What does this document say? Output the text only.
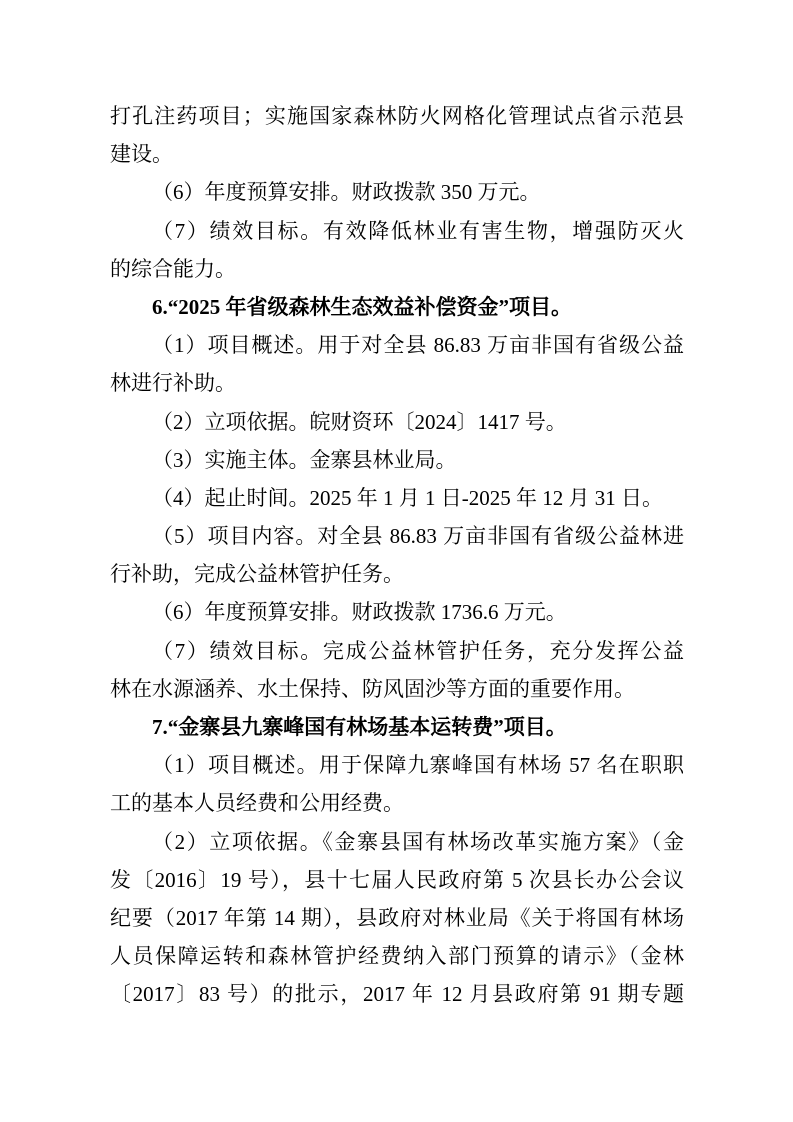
打孔注药项目；实施国家森林防火网格化管理试点省示范县
建设。
（6）年度预算安排。财政拨款 350 万元。
（7）绩效目标。有效降低林业有害生物，增强防灭火
的综合能力。
6.“2025 年省级森林生态效益补偿资金”项目。
（1）项目概述。用于对全县 86.83 万亩非国有省级公益
林进行补助。
（2）立项依据。皖财资环〔2024〕1417 号。
（3）实施主体。金寨县林业局。
（4）起止时间。2025 年 1 月 1 日-2025 年 12 月 31 日。
（5）项目内容。对全县 86.83 万亩非国有省级公益林进
行补助，完成公益林管护任务。
（6）年度预算安排。财政拨款 1736.6 万元。
（7）绩效目标。完成公益林管护任务，充分发挥公益
林在水源涵养、水土保持、防风固沙等方面的重要作用。
7.“金寨县九寨峰国有林场基本运转费”项目。
（1）项目概述。用于保障九寨峰国有林场 57 名在职职
工的基本人员经费和公用经费。
（2）立项依据。《金寨县国有林场改革实施方案》（金
发〔2016〕19 号），县十七届人民政府第 5 次县长办公会议
纪要（2017 年第 14 期），县政府对林业局《关于将国有林场
人员保障运转和森林管护经费纳入部门预算的请示》（金林
〔2017〕83 号）的批示，2017 年 12 月县政府第 91 期专题
